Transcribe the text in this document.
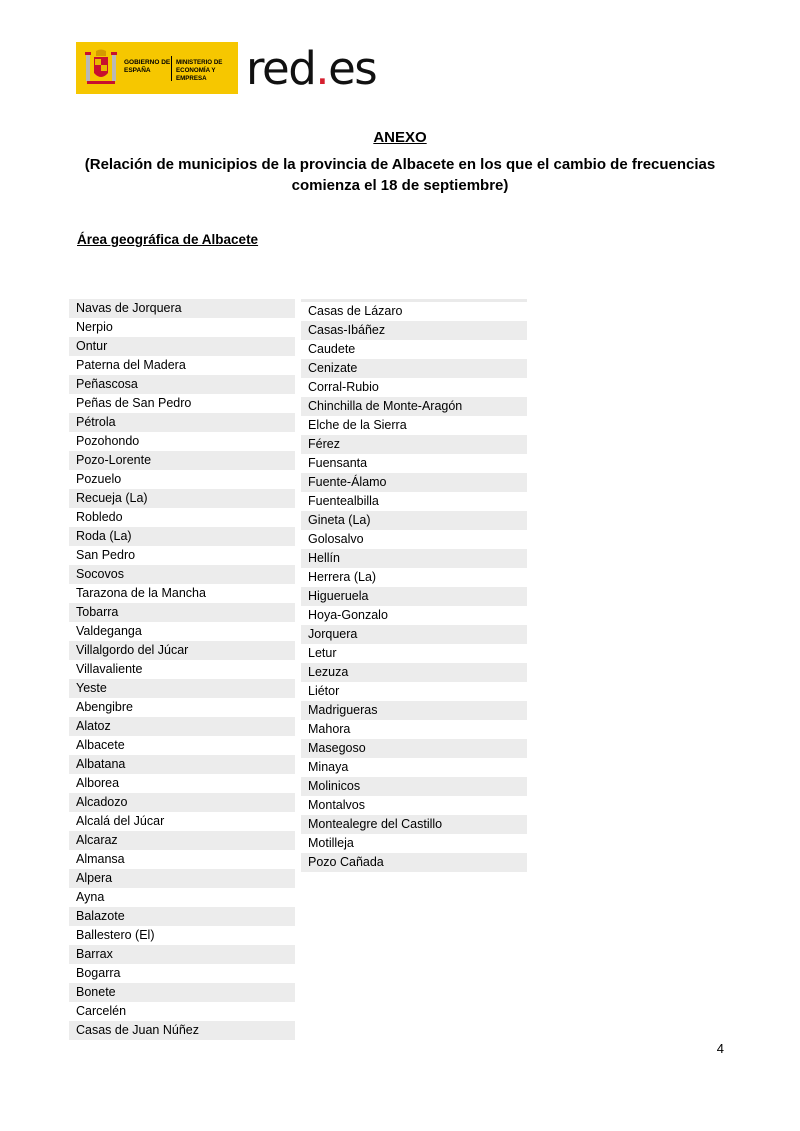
GOBIERNO DE ESPAÑA
MINISTERIO DE ECONOMÍA Y EMPRESA red.es
ANEXO
(Relación de municipios de la provincia de Albacete en los que el cambio de frecuencias comienza el 18 de septiembre)
Área geográfica de Albacete
Navas de Jorquera
Nerpio
Ontur
Paterna del Madera
Peñascosa
Peñas de San Pedro
Pétrola
Pozohondo
Pozo-Lorente
Pozuelo
Recueja (La)
Robledo
Roda (La)
San Pedro
Socovos
Tarazona de la Mancha
Tobarra
Valdeganga
Villalgordo del Júcar
Villavaliente
Yeste
Abengibre
Alatoz
Albacete
Albatana
Alborea
Alcadozo
Alcalá del Júcar
Alcaraz
Almansa
Alpera
Ayna
Balazote
Ballestero (El)
Barrax
Bogarra
Bonete
Carcelén
Casas de Juan Núñez
Casas de Lázaro
Casas-Ibáñez
Caudete
Cenizate
Corral-Rubio
Chinchilla de Monte-Aragón
Elche de la Sierra
Férez
Fuensanta
Fuente-Álamo
Fuentealbilla
Gineta (La)
Golosalvo
Hellín
Herrera (La)
Higueruela
Hoya-Gonzalo
Jorquera
Letur
Lezuza
Liétor
Madrigueras
Mahora
Masegoso
Minaya
Molinicos
Montalvos
Montealegre del Castillo
Motilleja
Pozo Cañada
4
